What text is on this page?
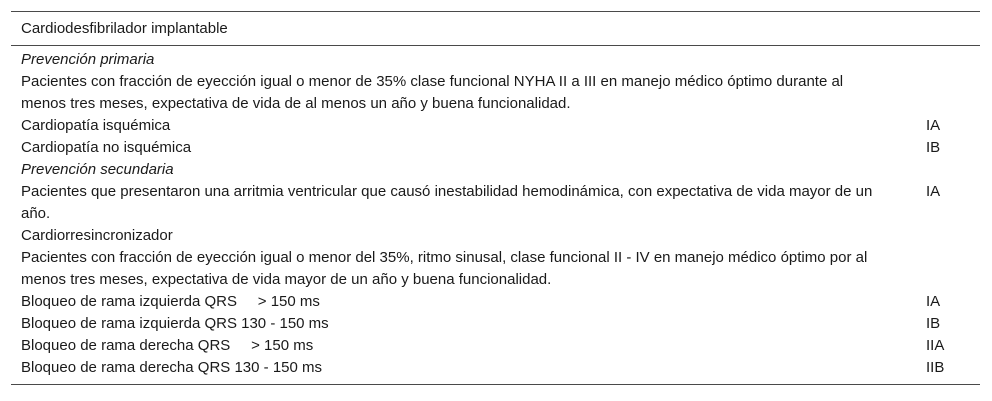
Cardiodesfibrilador implantable	
Prevención primaria	

Pacientes con fracción de eyección igual o menor de 35% clase funcional NYHA II a III en manejo médico óptimo durante al menos tres meses, expectativa de vida de al menos un año y buena funcionalidad.	

Cardiopatía isquémica	IA
Cardiopatía no isquémica	IB
Prevención secundaria	

Pacientes que presentaron una arritmia ventricular que causó inestabilidad hemodinámica, con expectativa de vida mayor de un año.	IA
Cardiorresincronizador	

Pacientes con fracción de eyección igual o menor del 35%, ritmo sinusal, clase funcional II - IV en manejo médico óptimo por al menos tres meses, expectativa de vida mayor de un año y buena funcionalidad.	

Bloqueo de rama izquierda QRS     > 150 ms	IA
Bloqueo de rama izquierda QRS 130 - 150 ms	IB
Bloqueo de rama derecha QRS     > 150 ms	IIA
Bloqueo de rama derecha QRS 130 - 150 ms	IIB
